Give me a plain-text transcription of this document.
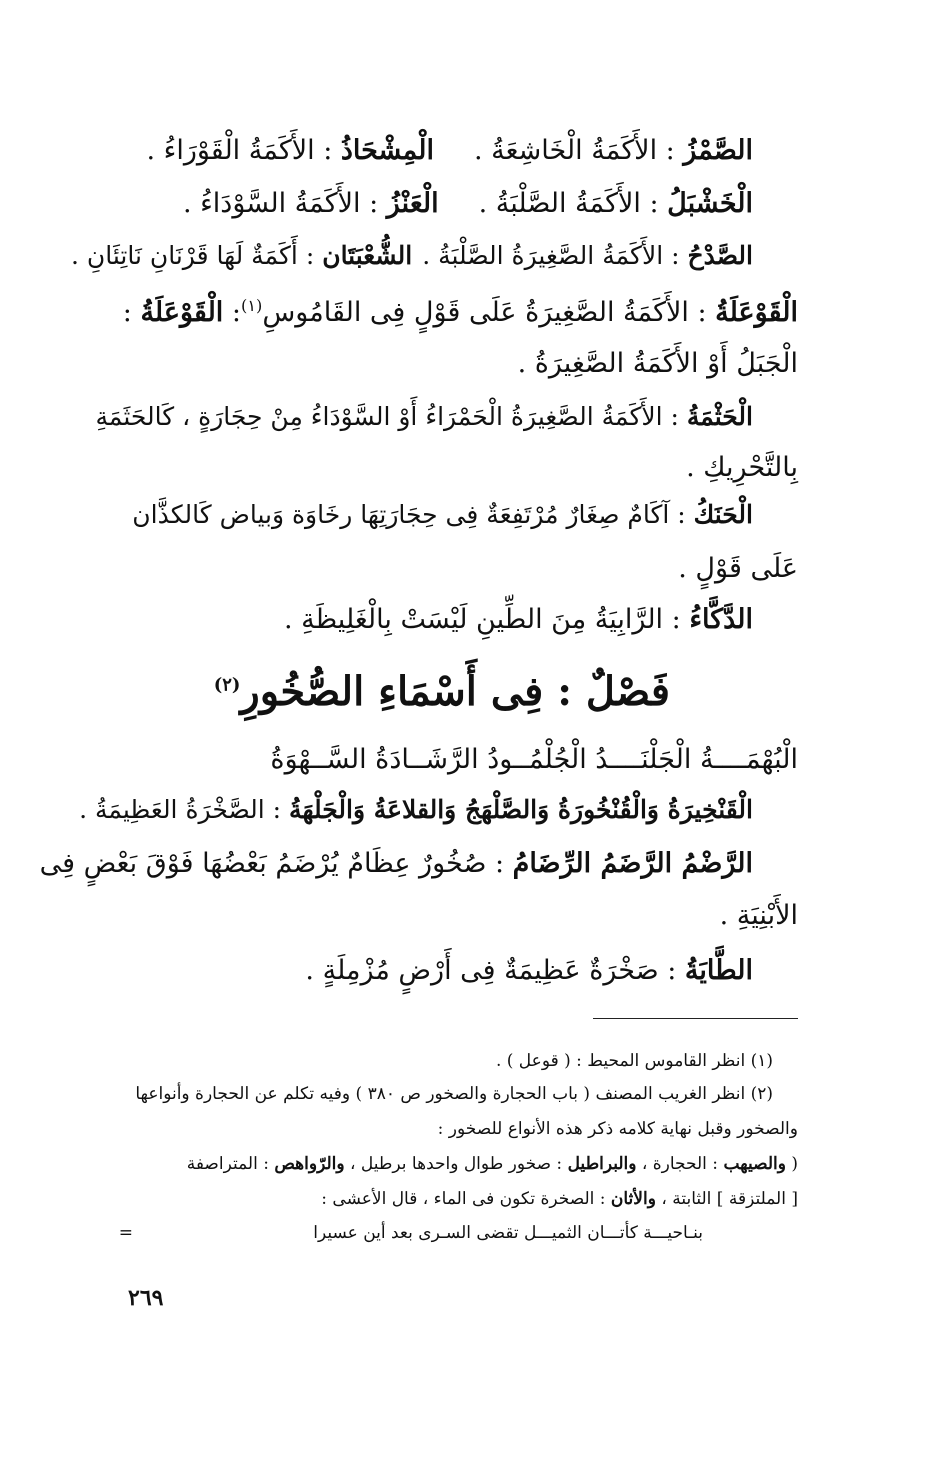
الصَّمْزُ : الأَكَمَةُ الْخَاشِعَةُ .الْمِشْحَاذُ : الأَكَمَةُ الْقَوْرَاءُ .
الْخَشْبَلُ : الأَكَمَةُ الصَّلْبَةُ .الْعَنْزُ : الأَكَمَةُ السَّوْدَاءُ .
الصَّدْحُ : الأَكَمَةُ الصَّغِيرَةُ الصَّلْبَةُ .الشُّعْبَتَان : أَكَمَةٌ لَهَا قَرْنَانِ نَاتِئَانِ .
الْقَوْعَلَةُ : الأَكَمَةُ الصَّغِيرَةُ عَلَى قَوْلٍ فِى القَامُوسِ$^{(١)}$: الْقَوْعَلَةُ :
الْجَبَلُ أَوْ الأَكَمَةُ الصَّغِيرَةُ .
الْحَثْمَةُ : الأَكَمَةُ الصَّغِيرَةُ الْحَمْرَاءُ أَوْ السَّوْدَاءُ مِنْ حِجَارَةٍ ، كَالحَثَمَةِ
بِالتَّحْرِيكِ .
الْحَنَكُ : آكَامٌ صِغَارٌ مُرْتَفِعَةٌ فِى حِجَارَتِهَا رخَاوَة وَبياض كَالكذَّان
عَلَى قَوْلٍ .
الدَّكَّاءُ : الرَّابِيَةُ مِنَ الطِّينِ لَيْسَتْ بِالْغَلِيظَةِ .
فَصْلٌ : فِى أَسْمَاءِ الصُّخُورِ$^{(٢)}$
الْبُهْمَــــةُ الْجَلْنَــــدُ الْجُلْمُــودُ الرَّشَــادَةُ السَّــهْوَةُ
الْقَنْخِيرَةُ وَالْقُنْخُورَةُ وَالصَّلْهَجُ وَالقلاعَةُ وَالْجَلْهَةُ : الصَّخْرَةُ العَظِيمَةُ .
الرَّضْمُ الرَّضَمُ الرِّضَامُ : صُخُورٌ عِظَامٌ يُرْضَمُ بَعْضُهَا فَوْقَ بَعْضٍ فِى
الأَبْنِيَةِ .
الطَّايَةُ : صَخْرَةٌ عَظِيمَةٌ فِى أَرْضٍ مُزْمِلَةٍ .
(١) انظر القاموس المحيط : ( قوعل ) .
(٢) انظر الغريب المصنف ( باب الحجارة والصخور ص ٣٨٠ ) وفيه تكلم عن الحجارة وأنواعها
والصخور وقبل نهاية كلامه ذكر هذه الأنواع للصخور :
( والصيهب : الحجارة ، والبراطيل : صخور طوال واحدها برطيل ، والرّواهص : المتراصفة
[ الملتزقة ] الثابتة ، والأثان : الصخرة تكون فى الماء ، قال الأعشى :
بنـاحيـــة كأتـــان الثميـــل تقضى السـرى بعد أين عسيرا
=
٢٦٩
